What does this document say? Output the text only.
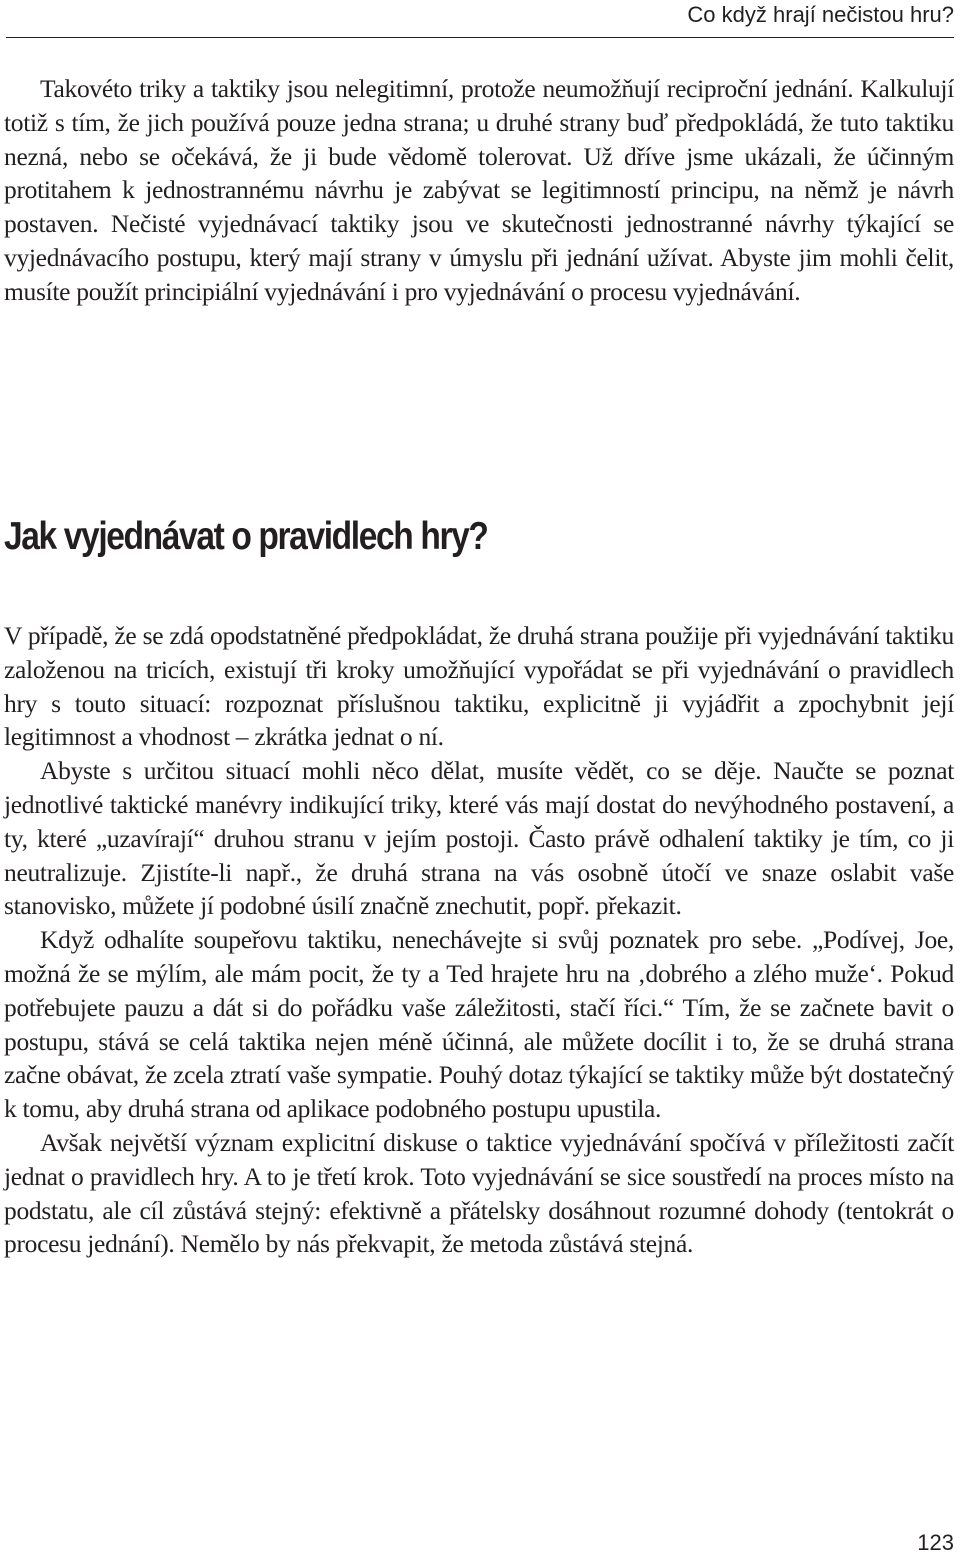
Co když hrají nečistou hru?

Takovéto triky a taktiky jsou nelegitimní, protože neumožňují reciproční jednání. Kalkulují totiž s tím, že jich používá pouze jedna strana; u druhé strany buď předpokládá, že tuto taktiku nezná, nebo se očekává, že ji bude vědomě tolerovat. Už dříve jsme ukázali, že účinným protitahem k jednostrannému návrhu je zabývat se legitimností principu, na němž je návrh postaven. Nečisté vyjednávací taktiky jsou ve skutečnosti jednostranné návrhy týkající se vyjednávacího postupu, který mají strany v úmyslu při jednání užívat. Abyste jim mohli čelit, musíte použít principiální vyjednávání i pro vyjednávání o procesu vyjednávání.

Jak vyjednávat o pravidlech hry?

V případě, že se zdá opodstatněné předpokládat, že druhá strana použije při vyjednávání taktiku založenou na tricích, existují tři kroky umožňující vypořádat se při vyjednávání o pravidlech hry s touto situací: rozpoznat příslušnou taktiku, explicitně ji vyjádřit a zpochybnit její legitimnost a vhodnost – zkrátka jednat o ní.

Abyste s určitou situací mohli něco dělat, musíte vědět, co se děje. Naučte se poznat jednotlivé taktické manévry indikující triky, které vás mají dostat do nevýhodného postavení, a ty, které „uzavírají“ druhou stranu v jejím postoji. Často právě odhalení taktiky je tím, co ji neutralizuje. Zjistíte-li např., že druhá strana na vás osobně útočí ve snaze oslabit vaše stanovisko, můžete jí podobné úsilí značně znechutit, popř. překazit.

Když odhalíte soupeřovu taktiku, nenechávejte si svůj poznatek pro sebe. „Podívej, Joe, možná že se mýlím, ale mám pocit, že ty a Ted hrajete hru na ‚dobrého a zlého muže‘. Pokud potřebujete pauzu a dát si do pořádku vaše záležitosti, stačí říci.“ Tím, že se začnete bavit o postupu, stává se celá taktika nejen méně účinná, ale můžete docílit i to, že se druhá strana začne obávat, že zcela ztratí vaše sympatie. Pouhý dotaz týkající se taktiky může být dostatečný k tomu, aby druhá strana od aplikace podobného postupu upustila.

Avšak největší význam explicitní diskuse o taktice vyjednávání spočívá v příležitosti začít jednat o pravidlech hry. A to je třetí krok. Toto vyjednávání se sice soustředí na proces místo na podstatu, ale cíl zůstává stejný: efektivně a přátelsky dosáhnout rozumné dohody (tentokrát o procesu jednání). Nemělo by nás překvapit, že metoda zůstává stejná.

123
